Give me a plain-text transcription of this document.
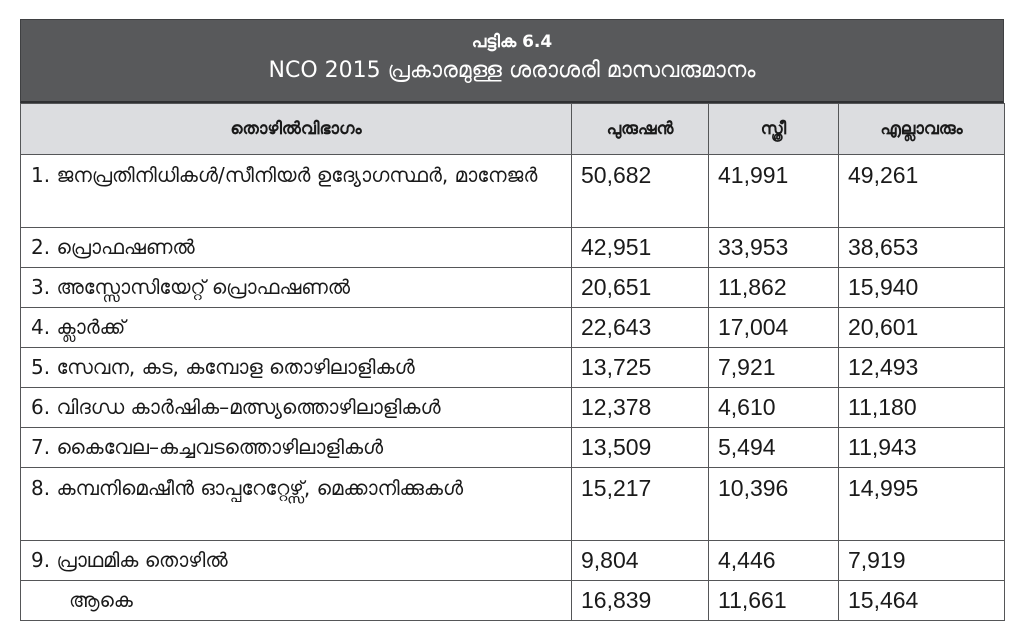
പട്ടിക 6.4
NCO 2015 പ്രകാരമുള്ള ശരാശരി മാസവരുമാനം
തൊഴിൽവിഭാഗം	പുരുഷൻ	സ്ത്രീ	എല്ലാവരും
1. ജനപ്രതിനിധികൾ/സീനിയർ ഉദ്യോഗസ്ഥർ, മാനേജർ	50,682	41,991	49,261
2. പ്രൊഫഷണൽ	42,951	33,953	38,653
3. അസ്സോസിയേറ്റ് പ്രൊഫഷണൽ	20,651	11,862	15,940
4. ക്ലാർക്ക്	22,643	17,004	20,601
5. സേവന, കട, കമ്പോള തൊഴിലാളികൾ	13,725	7,921	12,493
6. വിദഗ്ധ കാർഷിക–മത്സ്യത്തൊഴിലാളികൾ	12,378	4,610	11,180
7. കൈവേല–കച്ചവടത്തൊഴിലാളികൾ	13,509	5,494	11,943
8. കമ്പനിമെഷീൻ ഓപ്പറേറ്റേഴ്സ്, മെക്കാനിക്കുകൾ	15,217	10,396	14,995
9. പ്രാഥമിക തൊഴിൽ	9,804	4,446	7,919
ആകെ	16,839	11,661	15,464
